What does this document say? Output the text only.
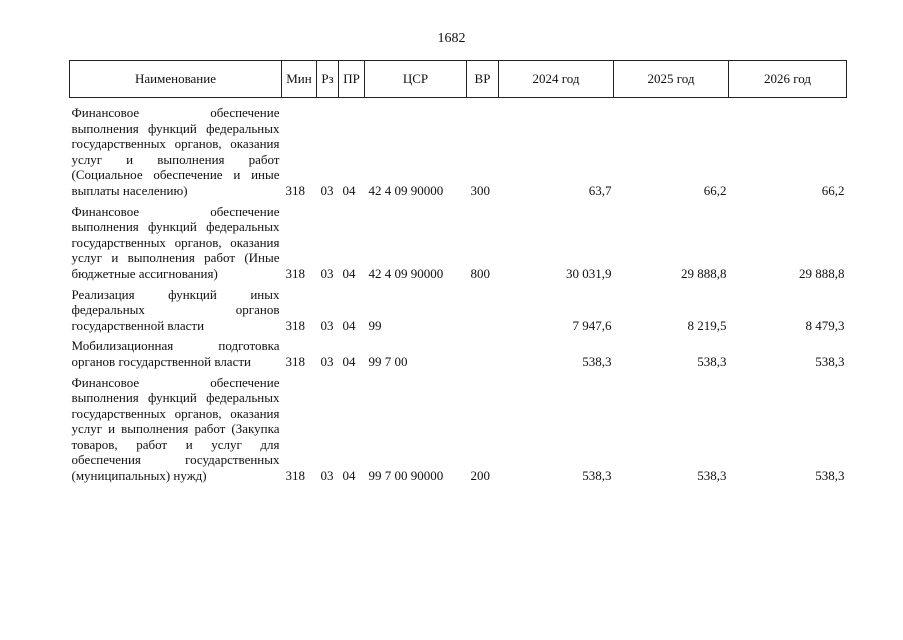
1682
Наименование	Мин	Рз	ПР	ЦСР	ВР	2024 год	2025 год	2026 год
Финансовое обеспечение выполнения функций федеральных государственных органов, оказания услуг и выполнения работ (Социальное обеспечение и иные выплаты населению)	318	03	04	42 4 09 90000	300	63,7	66,2	66,2
Финансовое обеспечение выполнения функций федеральных государственных органов, оказания услуг и выполнения работ (Иные бюджетные ассигнования)	318	03	04	42 4 09 90000	800	30 031,9	29 888,8	29 888,8
Реализация функций иных федеральных органов государственной власти	318	03	04	99		7 947,6	8 219,5	8 479,3
Мобилизационная подготовка органов государственной власти	318	03	04	99 7 00		538,3	538,3	538,3
Финансовое обеспечение выполнения функций федеральных государственных органов, оказания услуг и выполнения работ (Закупка товаров, работ и услуг для обеспечения государственных (муниципальных) нужд)	318	03	04	99 7 00 90000	200	538,3	538,3	538,3
